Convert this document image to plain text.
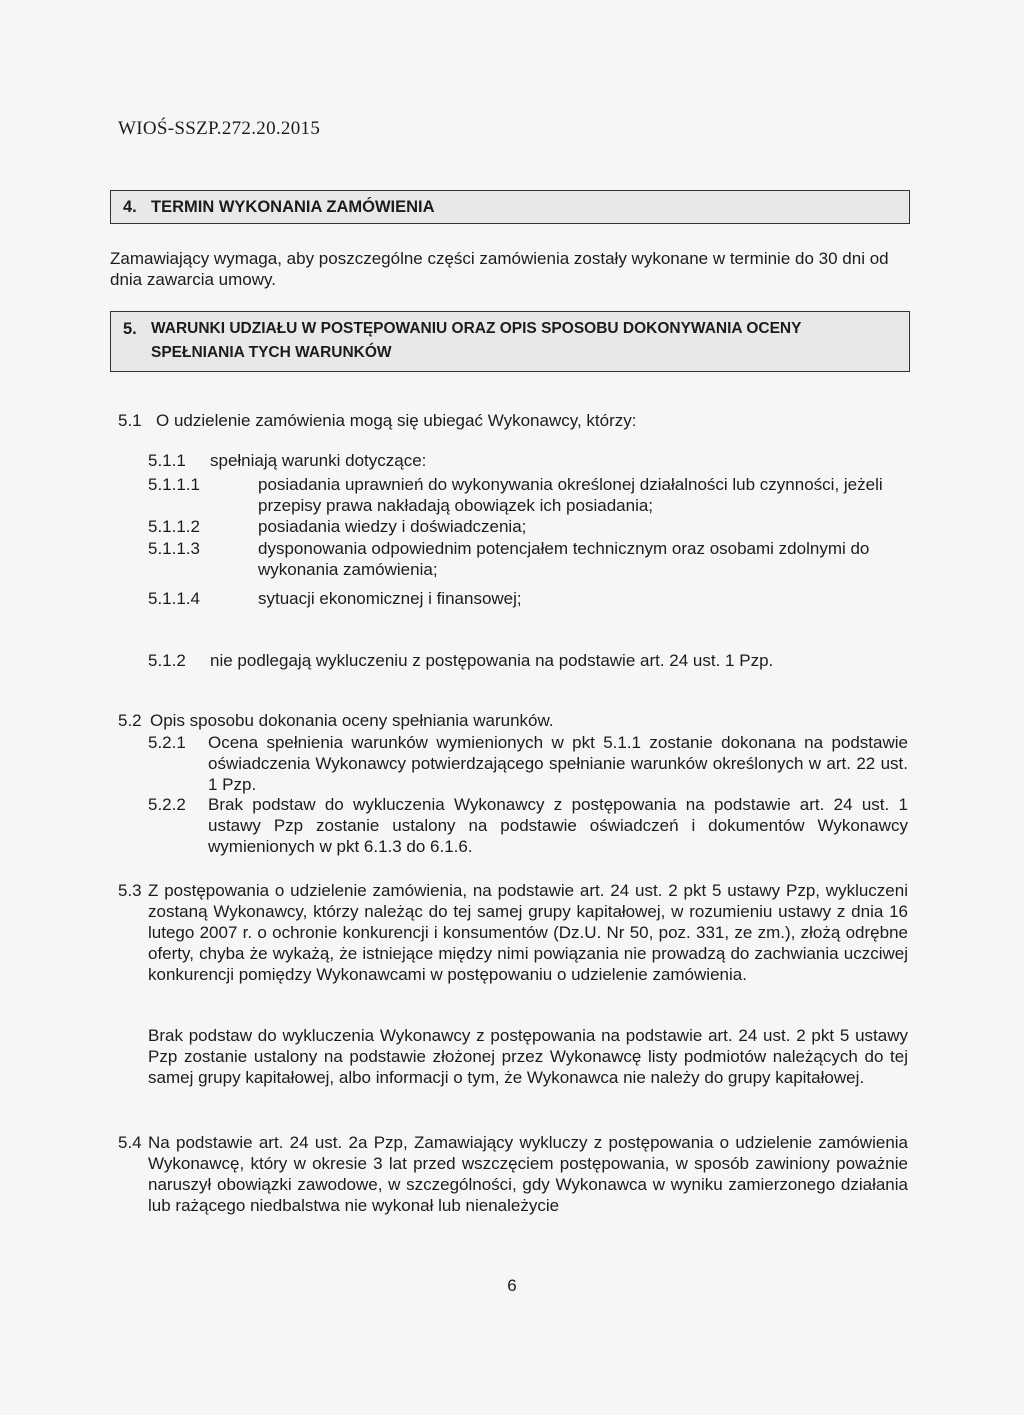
WIOŚ-SSZP.272.20.2015
4. TERMIN WYKONANIA ZAMÓWIENIA

Zamawiający wymaga, aby poszczególne części zamówienia zostały wykonane w terminie do 30 dni od dnia zawarcia umowy.

5. WARUNKI UDZIAŁU W POSTĘPOWANIU ORAZ OPIS SPOSOBU DOKONYWANIA OCENY
SPEŁNIANIA TYCH WARUNKÓW
5.1 O udzielenie zamówienia mogą się ubiegać Wykonawcy, którzy:

5.1.1 spełniają warunki dotyczące:

5.1.1.1	posiadania uprawnień do wykonywania określonej działalności lub czynności, jeżeli przepisy prawa nakładają obowiązek ich posiadania;

5.1.1.2	posiadania wiedzy i doświadczenia;

5.1.1.3	dysponowania odpowiednim potencjałem technicznym oraz osobami zdolnymi do wykonania zamówienia;

5.1.1.4	sytuacji ekonomicznej i finansowej;

5.1.2 nie podlegają wykluczeniu z postępowania na podstawie art. 24 ust. 1 Pzp.

5.2 Opis sposobu dokonania oceny spełniania warunków.

5.2.1 Ocena spełnienia warunków wymienionych w pkt 5.1.1 zostanie dokonana na podstawie oświadczenia Wykonawcy potwierdzającego spełnianie warunków określonych w art. 22 ust. 1 Pzp.

5.2.2 Brak podstaw do wykluczenia Wykonawcy z postępowania na podstawie art. 24 ust. 1 ustawy Pzp zostanie ustalony na podstawie oświadczeń i dokumentów Wykonawcy wymienionych w pkt 6.1.3 do 6.1.6.

5.3 Z postępowania o udzielenie zamówienia, na podstawie art. 24 ust. 2 pkt 5 ustawy Pzp, wykluczeni zostaną Wykonawcy, którzy należąc do tej samej grupy kapitałowej, w rozumieniu ustawy z dnia 16 lutego 2007 r. o ochronie konkurencji i konsumentów (Dz.U. Nr 50, poz. 331, ze zm.), złożą odrębne oferty, chyba że wykażą, że istniejące między nimi powiązania nie prowadzą do zachwiania uczciwej konkurencji pomiędzy Wykonawcami w postępowaniu o udzielenie zamówienia.

Brak podstaw do wykluczenia Wykonawcy z postępowania na podstawie art. 24 ust. 2 pkt 5 ustawy Pzp zostanie ustalony na podstawie złożonej przez Wykonawcę listy podmiotów należących do tej samej grupy kapitałowej, albo informacji o tym, że Wykonawca nie należy do grupy kapitałowej.

5.4 Na podstawie art. 24 ust. 2a Pzp, Zamawiający wykluczy z postępowania o udzielenie zamówienia Wykonawcę, który w okresie 3 lat przed wszczęciem postępowania, w sposób zawiniony poważnie naruszył obowiązki zawodowe, w szczególności, gdy Wykonawca w wyniku zamierzonego działania lub rażącego niedbalstwa nie wykonał lub nienależycie

6
